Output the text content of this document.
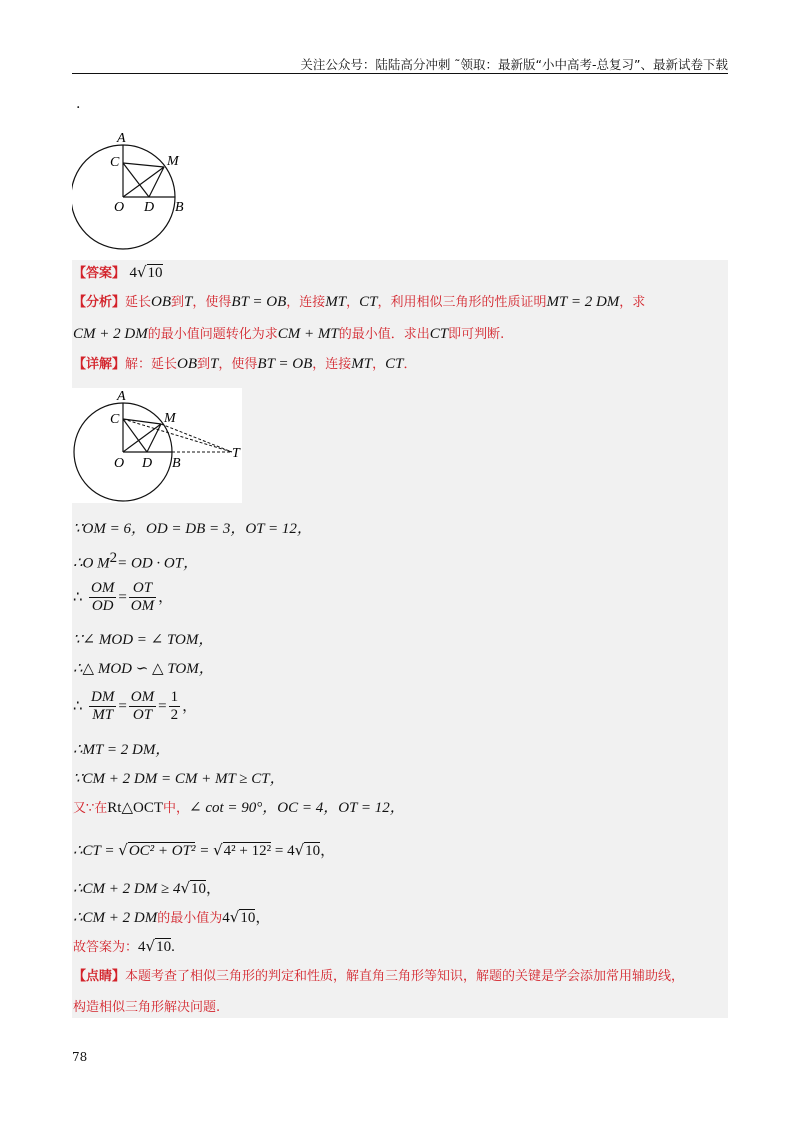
关注公众号：陆陆高分冲刺 ˜领取：最新版“小中高考-总复习”、最新试卷下载
.
A
C	M
O D B
【答案】 4√10
【分析】延长OB到T，使得BT = OB，连接MT，CT，利用相似三角形的性质证明MT = 2 DM，求
CM + 2 DM的最小值问题转化为求CM + MT的最小值．求出CT即可判断.
【详解】解：延长OB到T，使得BT = OB，连接MT，CT．
A
C	M
O D B
T
∵OM = 6，OD = DB = 3，OT = 12，
∴O $M^2=$ OD · OT，
∴ $\frac{OM}{OD} = \frac{OT}{OM}$ ，
∵∠ MOD = ∠ TOM，
∴△ MOD ∽ △ TOM，
∴ $\frac{DM}{MT} = \frac{OM}{OT} = \frac{1}{2}$ ，
∴MT = 2 DM，
∵CM + 2 DM = CM + MT ≥ CT，
又∵在Rt△OCT中，∠ cot = 90°，OC = 4，OT = 12，
∴CT = √OC² + OT² = √4² + 12² = 4√10，
∴CM + 2 DM ≥ 4√10，
∴CM + 2 DM的最小值为4√10，
故答案为：4√10.
【点睛】本题考查了相似三角形的判定和性质，解直角三角形等知识，解题的关键是学会添加常用辅助线，
构造相似三角形解决问题.
78
